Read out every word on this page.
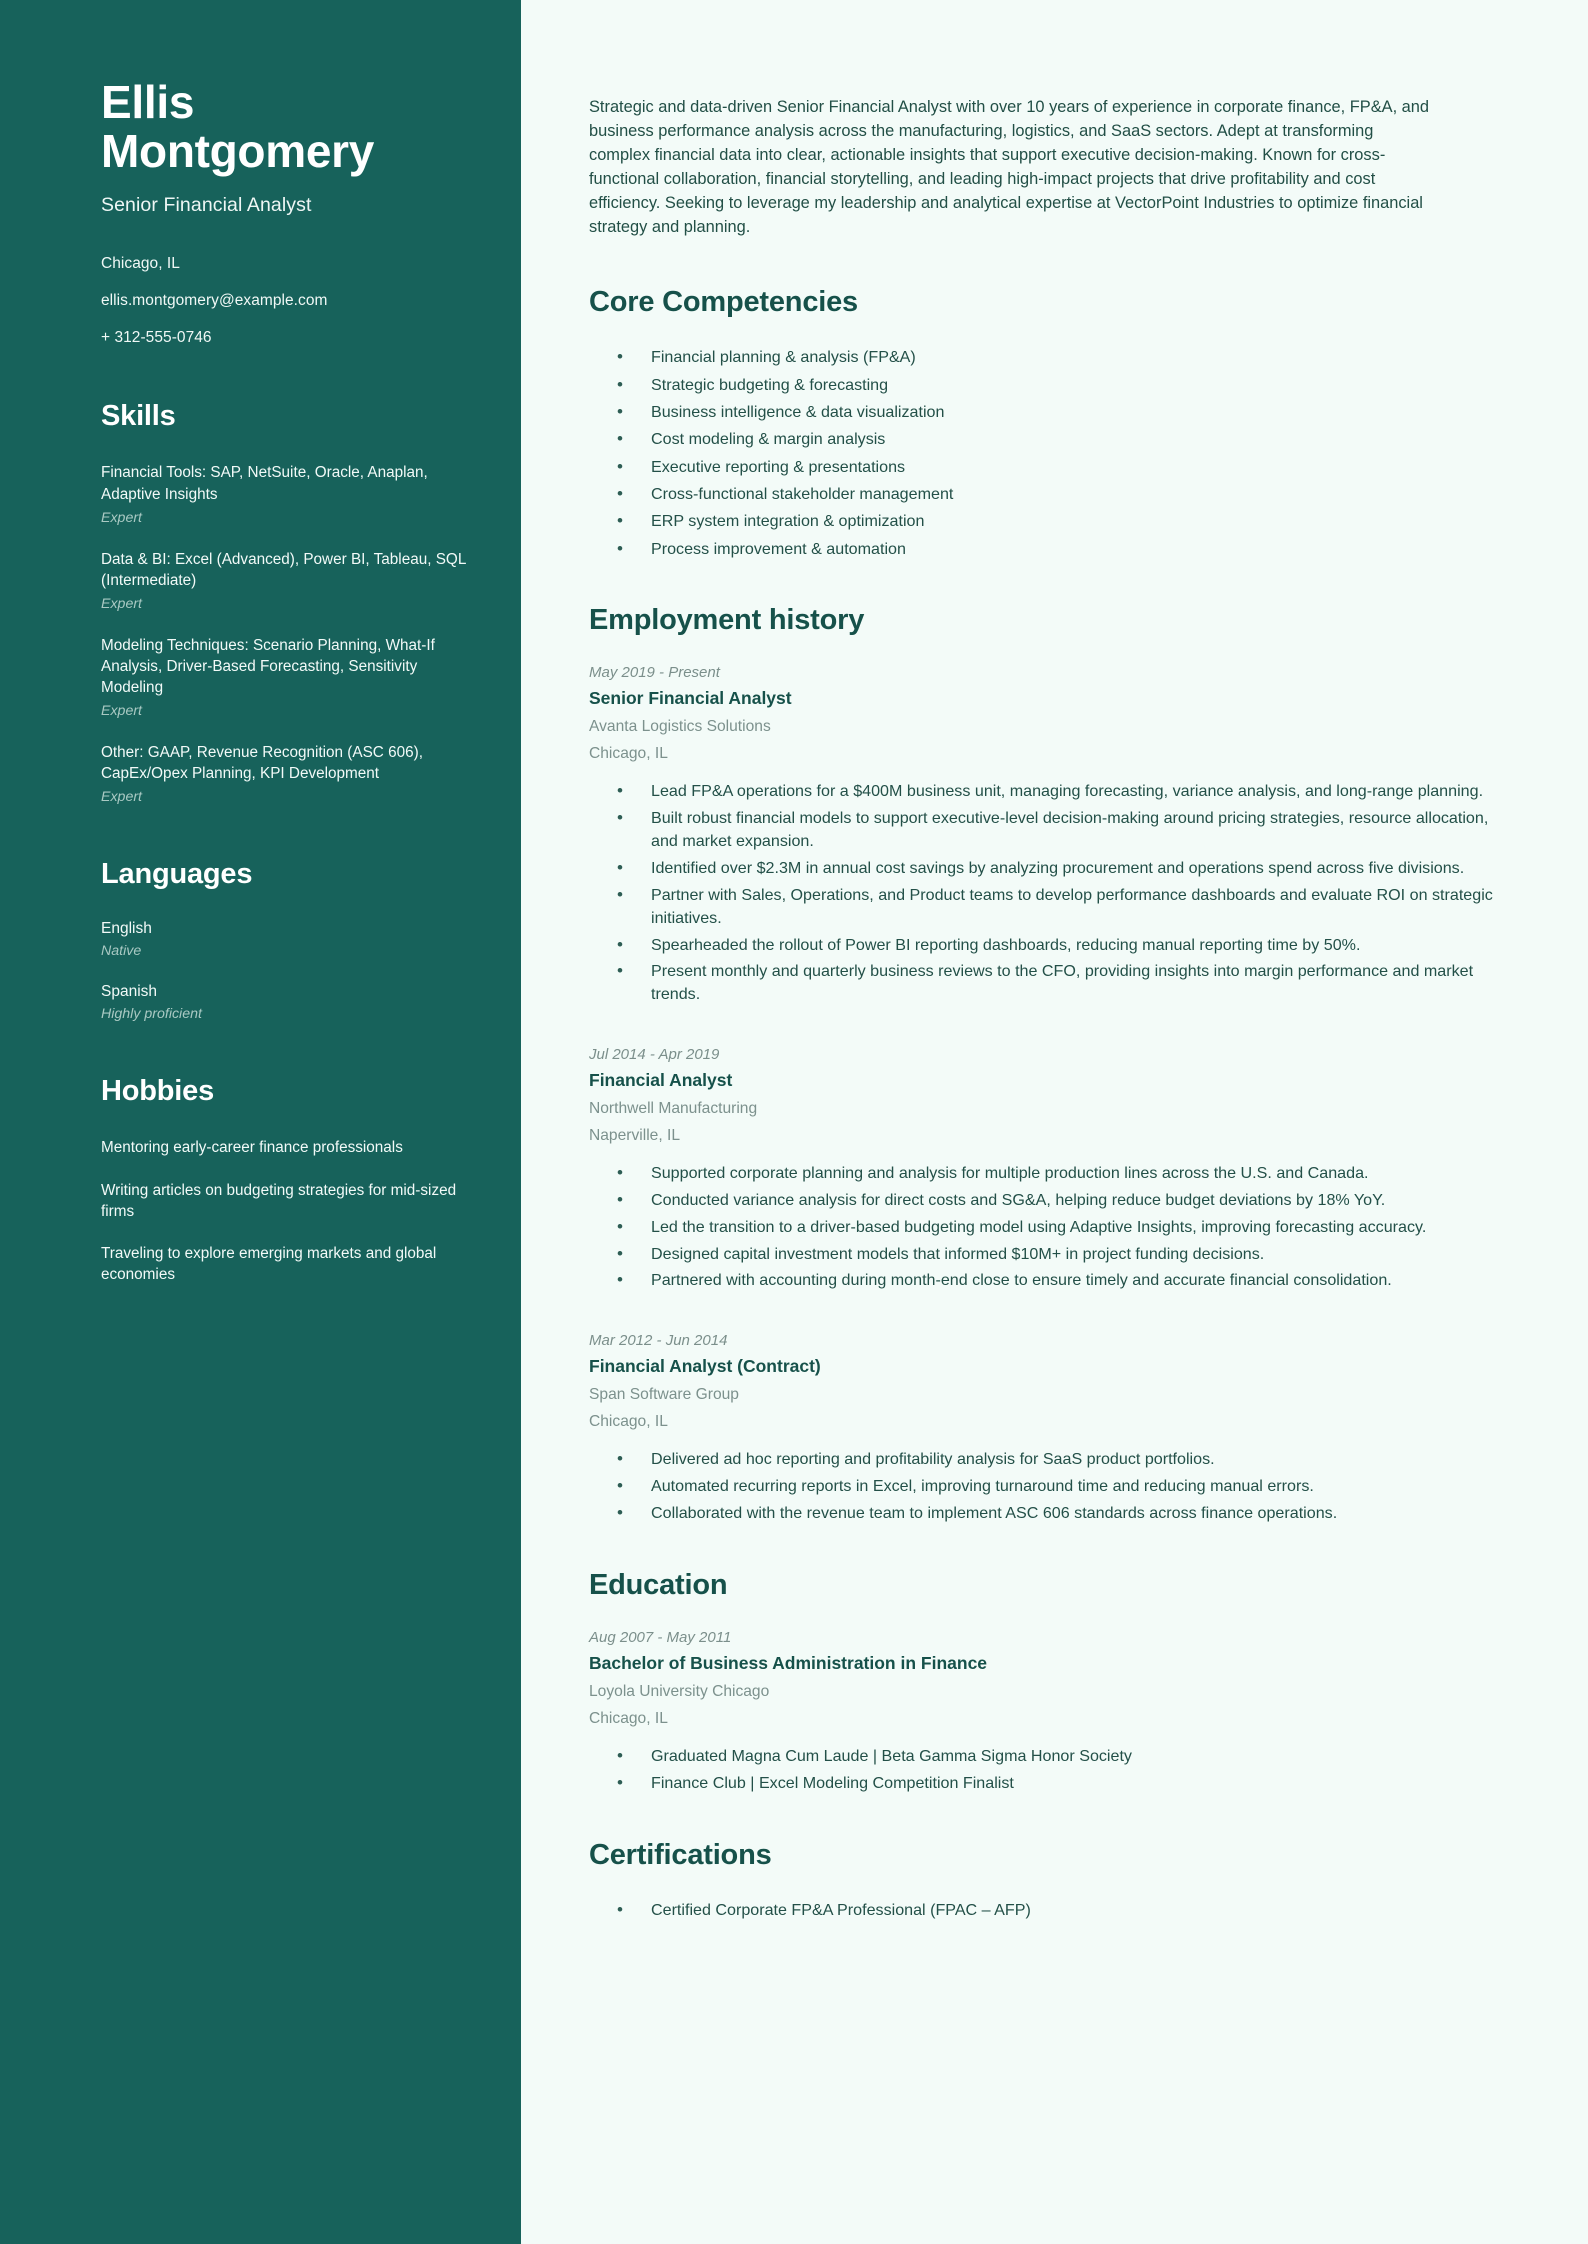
Ellis Montgomery
Senior Financial Analyst
Chicago, IL
ellis.montgomery@example.com
+ 312-555-0746
Skills
Financial Tools: SAP, NetSuite, Oracle, Anaplan, Adaptive Insights
Expert
Data & BI: Excel (Advanced), Power BI, Tableau, SQL (Intermediate)
Expert
Modeling Techniques: Scenario Planning, What-If Analysis, Driver-Based Forecasting, Sensitivity Modeling
Expert
Other: GAAP, Revenue Recognition (ASC 606), CapEx/Opex Planning, KPI Development
Expert
Languages
English
Native
Spanish
Highly proficient
Hobbies
Mentoring early-career finance professionals
Writing articles on budgeting strategies for mid-sized firms
Traveling to explore emerging markets and global economies

Strategic and data-driven Senior Financial Analyst with over 10 years of experience in corporate finance, FP&A, and business performance analysis across the manufacturing, logistics, and SaaS sectors. Adept at transforming complex financial data into clear, actionable insights that support executive decision-making. Known for cross-functional collaboration, financial storytelling, and leading high-impact projects that drive profitability and cost efficiency. Seeking to leverage my leadership and analytical expertise at VectorPoint Industries to optimize financial strategy and planning.

Core Competencies
• Financial planning & analysis (FP&A)
• Strategic budgeting & forecasting
• Business intelligence & data visualization
• Cost modeling & margin analysis
• Executive reporting & presentations
• Cross-functional stakeholder management
• ERP system integration & optimization
• Process improvement & automation
Employment history
May 2019 - Present
Senior Financial Analyst
Avanta Logistics Solutions
Chicago, IL
• Lead FP&A operations for a $400M business unit, managing forecasting, variance analysis, and long-range planning.
• Built robust financial models to support executive-level decision-making around pricing strategies, resource allocation, and market expansion.
• Identified over $2.3M in annual cost savings by analyzing procurement and operations spend across five divisions.
• Partner with Sales, Operations, and Product teams to develop performance dashboards and evaluate ROI on strategic initiatives.
• Spearheaded the rollout of Power BI reporting dashboards, reducing manual reporting time by 50%.
• Present monthly and quarterly business reviews to the CFO, providing insights into margin performance and market trends.
Jul 2014 - Apr 2019
Financial Analyst
Northwell Manufacturing
Naperville, IL
• Supported corporate planning and analysis for multiple production lines across the U.S. and Canada.
• Conducted variance analysis for direct costs and SG&A, helping reduce budget deviations by 18% YoY.
• Led the transition to a driver-based budgeting model using Adaptive Insights, improving forecasting accuracy.
• Designed capital investment models that informed $10M+ in project funding decisions.
• Partnered with accounting during month-end close to ensure timely and accurate financial consolidation.
Mar 2012 - Jun 2014
Financial Analyst (Contract)
Span Software Group
Chicago, IL
• Delivered ad hoc reporting and profitability analysis for SaaS product portfolios.
• Automated recurring reports in Excel, improving turnaround time and reducing manual errors.
• Collaborated with the revenue team to implement ASC 606 standards across finance operations.
Education
Aug 2007 - May 2011
Bachelor of Business Administration in Finance
Loyola University Chicago
Chicago, IL
• Graduated Magna Cum Laude | Beta Gamma Sigma Honor Society
• Finance Club | Excel Modeling Competition Finalist
Certifications
• Certified Corporate FP&A Professional (FPAC – AFP)
